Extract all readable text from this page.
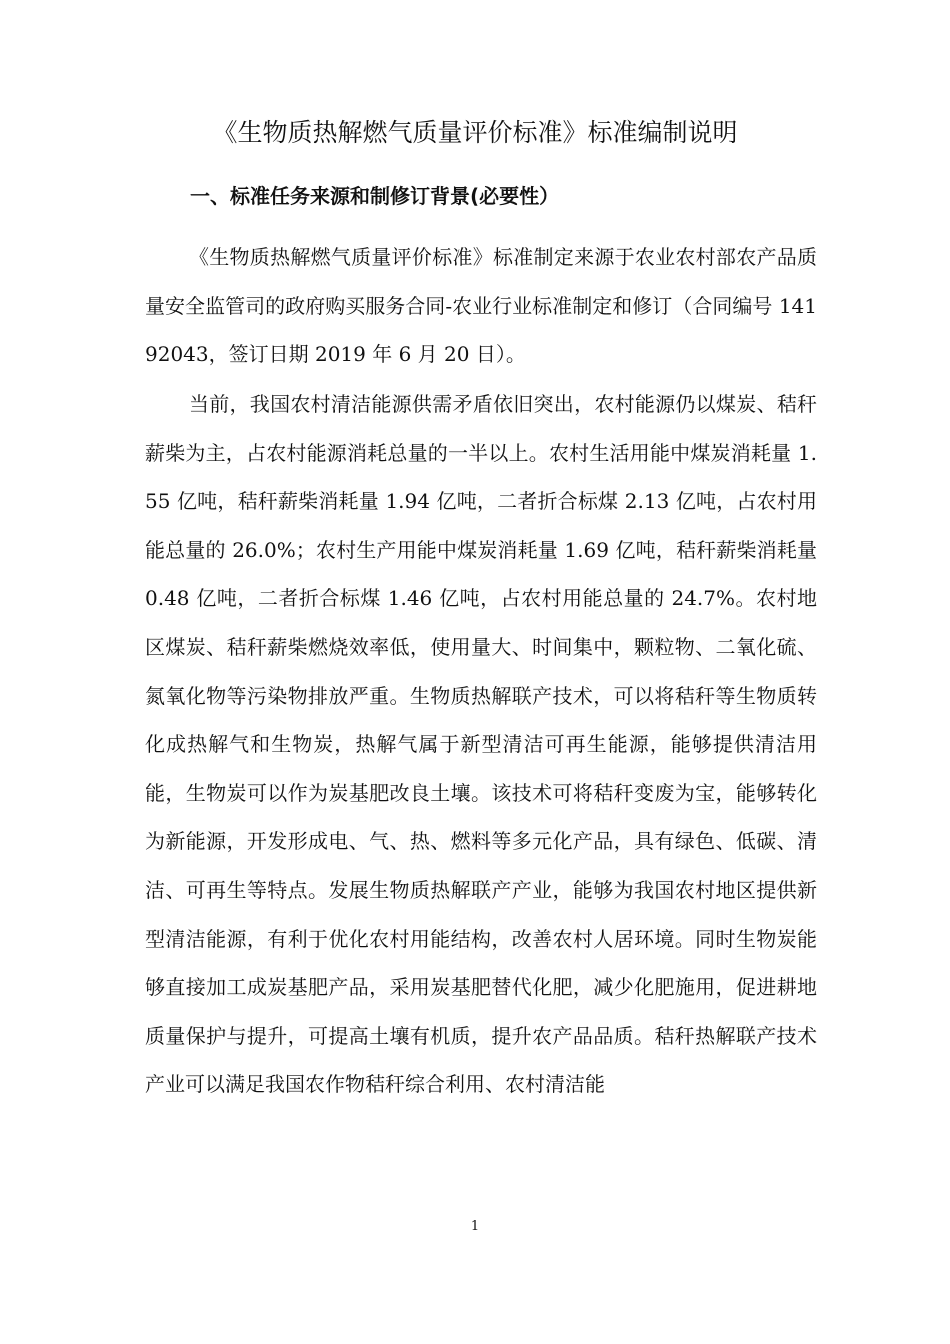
《生物质热解燃气质量评价标准》标准编制说明
一、标准任务来源和制修订背景(必要性）

《生物质热解燃气质量评价标准》标准制定来源于农业农村部农产品质量安全监管司的政府购买服务合同-农业行业标准制定和修订（合同编号 14192043，签订日期 2019 年 6 月 20 日）。

当前，我国农村清洁能源供需矛盾依旧突出，农村能源仍以煤炭、秸秆薪柴为主，占农村能源消耗总量的一半以上。农村生活用能中煤炭消耗量 1.55 亿吨，秸秆薪柴消耗量 1.94 亿吨，二者折合标煤 2.13 亿吨，占农村用能总量的 26.0%；农村生产用能中煤炭消耗量 1.69 亿吨，秸秆薪柴消耗量 0.48 亿吨，二者折合标煤 1.46 亿吨，占农村用能总量的 24.7%。农村地区煤炭、秸秆薪柴燃烧效率低，使用量大、时间集中，颗粒物、二氧化硫、氮氧化物等污染物排放严重。生物质热解联产技术，可以将秸秆等生物质转化成热解气和生物炭，热解气属于新型清洁可再生能源，能够提供清洁用能，生物炭可以作为炭基肥改良土壤。该技术可将秸秆变废为宝，能够转化为新能源，开发形成电、气、热、燃料等多元化产品，具有绿色、低碳、清洁、可再生等特点。发展生物质热解联产产业，能够为我国农村地区提供新型清洁能源，有利于优化农村用能结构，改善农村人居环境。同时生物炭能够直接加工成炭基肥产品，采用炭基肥替代化肥，减少化肥施用，促进耕地质量保护与提升，可提高土壤有机质，提升农产品品质。秸秆热解联产技术产业可以满足我国农作物秸秆综合利用、农村清洁能

1
